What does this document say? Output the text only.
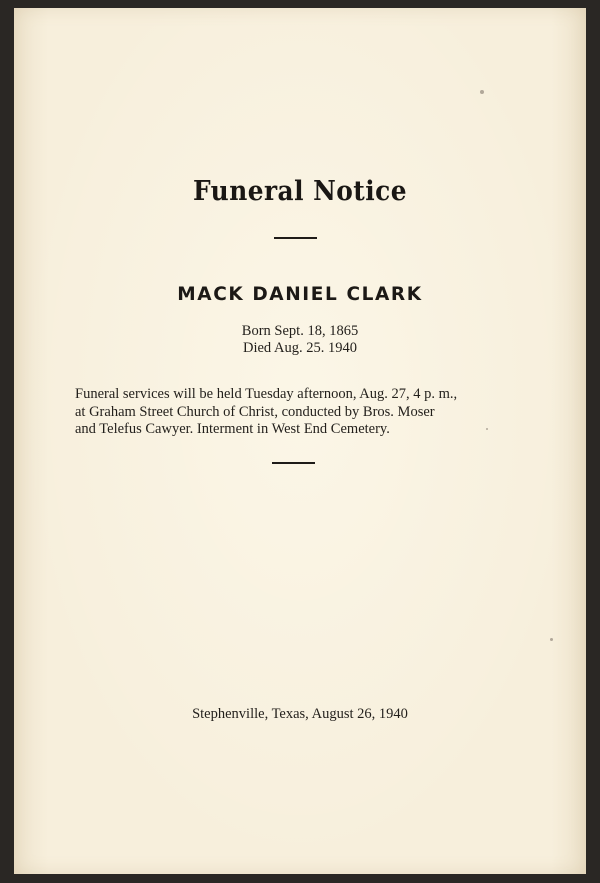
Funeral Notice
MACK DANIEL CLARK
Born Sept. 18, 1865
Died Aug. 25. 1940
Funeral services will be held Tuesday afternoon, Aug. 27, 4 p. m.,
at Graham Street Church of Christ, conducted by Bros. Moser
and Telefus Cawyer. Interment in West End Cemetery.
Stephenville, Texas, August 26, 1940
